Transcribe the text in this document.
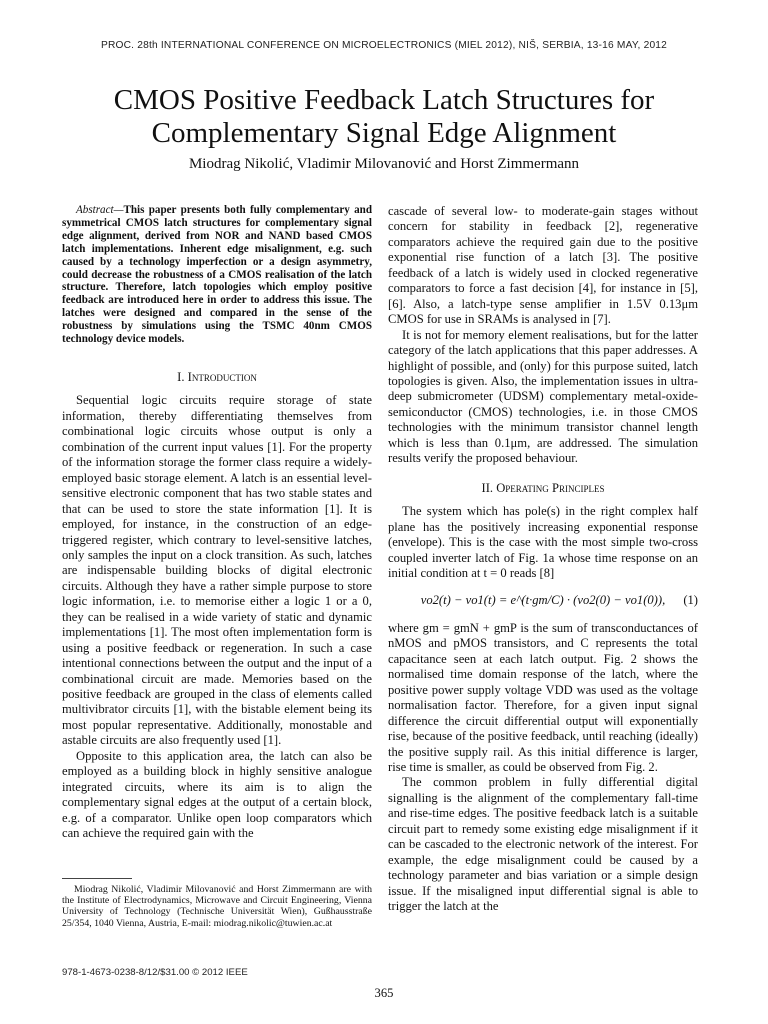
PROC. 28th INTERNATIONAL CONFERENCE ON MICROELECTRONICS (MIEL 2012), NIŠ, SERBIA, 13-16 MAY, 2012
CMOS Positive Feedback Latch Structures for Complementary Signal Edge Alignment
Miodrag Nikolić, Vladimir Milovanović and Horst Zimmermann

Abstract—This paper presents both fully complementary and symmetrical CMOS latch structures for complementary signal edge alignment, derived from NOR and NAND based CMOS latch implementations. Inherent edge misalignment, e.g. such caused by a technology imperfection or a design asymmetry, could decrease the robustness of a CMOS realisation of the latch structure. Therefore, latch topologies which employ positive feedback are introduced here in order to address this issue. The latches were designed and compared in the sense of the robustness by simulations using the TSMC 40nm CMOS technology device models.

I. Introduction

Sequential logic circuits require storage of state information, thereby differentiating themselves from combinational logic circuits whose output is only a combination of the current input values [1]. For the property of the information storage the former class require a widely-employed basic storage element. A latch is an essential level-sensitive electronic component that has two stable states and that can be used to store the state information [1]. It is employed, for instance, in the construction of an edge-triggered register, which contrary to level-sensitive latches, only samples the input on a clock transition. As such, latches are indispensable building blocks of digital electronic circuits. Although they have a rather simple purpose to store logic information, i.e. to memorise either a logic 1 or a 0, they can be realised in a wide variety of static and dynamic implementations [1]. The most often implementation form is using a positive feedback or regeneration. In such a case intentional connections between the output and the input of a combinational circuit are made. Memories based on the positive feedback are grouped in the class of elements called multivibrator circuits [1], with the bistable element being its most popular representative. Additionally, monostable and astable circuits are also frequently used [1].

Opposite to this application area, the latch can also be employed as a building block in highly sensitive analogue integrated circuits, where its aim is to align the complementary signal edges at the output of a certain block, e.g. of a comparator. Unlike open loop comparators which can achieve the required gain with the

Miodrag Nikolić, Vladimir Milovanović and Horst Zimmermann are with the Institute of Electrodynamics, Microwave and Circuit Engineering, Vienna University of Technology (Technische Universität Wien), Gußhausstraße 25/354, 1040 Vienna, Austria, E-mail: miodrag.nikolic@tuwien.ac.at

cascade of several low- to moderate-gain stages without concern for stability in feedback [2], regenerative comparators achieve the required gain due to the positive exponential rise function of a latch [3]. The positive feedback of a latch is widely used in clocked regenerative comparators to force a fast decision [4], for instance in [5], [6]. Also, a latch-type sense amplifier in 1.5V 0.13μm CMOS for use in SRAMs is analysed in [7].

It is not for memory element realisations, but for the latter category of the latch applications that this paper addresses. A highlight of possible, and (only) for this purpose suited, latch topologies is given. Also, the implementation issues in ultra-deep submicrometer (UDSM) complementary metal-oxide-semiconductor (CMOS) technologies, i.e. in those CMOS technologies with the minimum transistor channel length which is less than 0.1μm, are addressed. The simulation results verify the proposed behaviour.

II. Operating Principles

The system which has pole(s) in the right complex half plane has the positively increasing exponential response (envelope). This is the case with the most simple two-cross coupled inverter latch of Fig. 1a whose time response on an initial condition at t = 0 reads [8]

vo2(t) − vo1(t) = e^(t·gm/C) · (vo2(0) − vo1(0)), (1)

where gm = gmN + gmP is the sum of transconductances of nMOS and pMOS transistors, and C represents the total capacitance seen at each latch output. Fig. 2 shows the normalised time domain response of the latch, where the positive power supply voltage VDD was used as the voltage normalisation factor. Therefore, for a given input signal difference the circuit differential output will exponentially rise, because of the positive feedback, until reaching (ideally) the positive supply rail. As this initial difference is larger, rise time is smaller, as could be observed from Fig. 2.

The common problem in fully differential digital signalling is the alignment of the complementary fall-time and rise-time edges. The positive feedback latch is a suitable circuit part to remedy some existing edge misalignment if it can be cascaded to the electronic network of the interest. For example, the edge misalignment could be caused by a technology parameter and bias variation or a simple design issue. If the misaligned input differential signal is able to trigger the latch at the

978-1-4673-0238-8/12/$31.00 © 2012 IEEE
365
